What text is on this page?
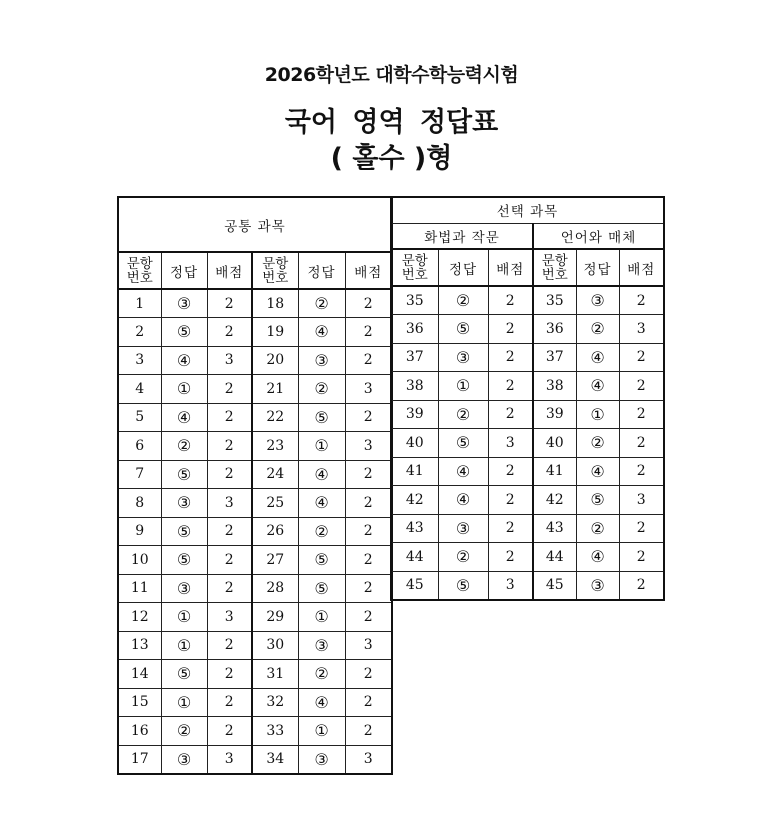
2026학년도 대학수학능력시험
국어 영역 정답표
( 홀수 )형
공통 과목					

문항
번호	정답	배점	문항
번호	정답	배점
1	③	2	18	②	2
2	⑤	2	19	④	2
3	④	3	20	③	2
4	①	2	21	②	3
5	④	2	22	⑤	2
6	②	2	23	①	3
7	⑤	2	24	④	2
8	③	3	25	④	2
9	⑤	2	26	②	2
10	⑤	2	27	⑤	2
11	③	2	28	⑤	2
12	①	3	29	①	2
13	①	2	30	③	3
14	⑤	2	31	②	2
15	①	2	32	④	2
16	②	2	33	①	2
17	③	3	34	③	3
선택 과목					
화법과 작문			언어와 매체		
문항
번호	정답	배점	문항
번호	정답	배점
35	②	2	35	③	2
36	⑤	2	36	②	3
37	③	2	37	④	2
38	①	2	38	④	2
39	②	2	39	①	2
40	⑤	3	40	②	2
41	④	2	41	④	2
42	④	2	42	⑤	3
43	③	2	43	②	2
44	②	2	44	④	2
45	⑤	3	45	③	2
